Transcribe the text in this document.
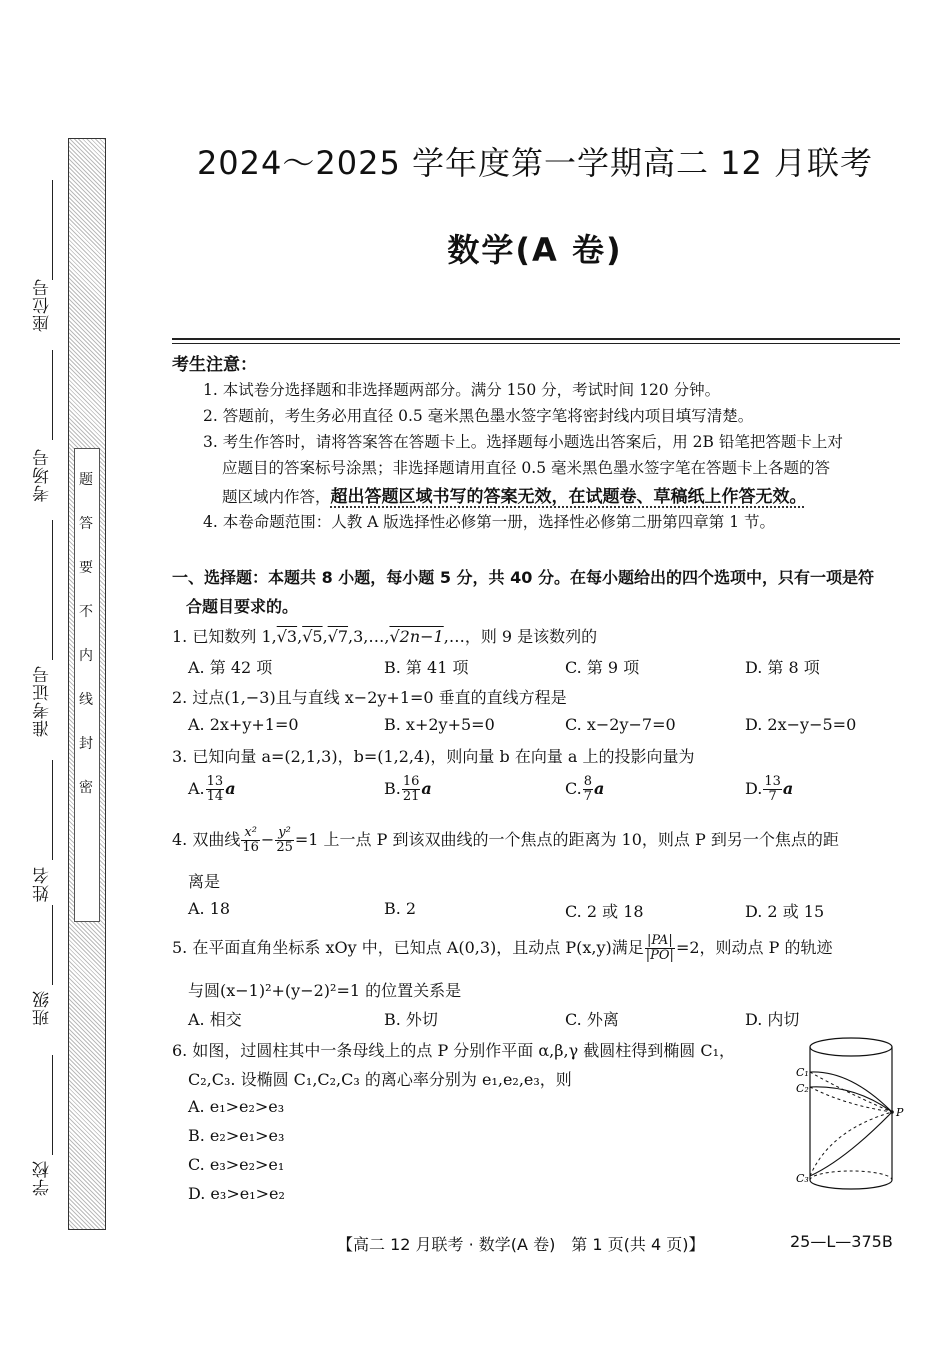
题
答
要
不
内
线
封
密
座位号
考场号
准考证号
姓名
班级
学校
2024～2025 学年度第一学期高二 12 月联考
数学(A 卷)
考生注意：
1. 本试卷分选择题和非选择题两部分。满分 150 分，考试时间 120 分钟。
2. 答题前，考生务必用直径 0.5 毫米黑色墨水签字笔将密封线内项目填写清楚。
3. 考生作答时，请将答案答在答题卡上。选择题每小题选出答案后，用 2B 铅笔把答题卡上对
应题目的答案标号涂黑；非选择题请用直径 0.5 毫米黑色墨水签字笔在答题卡上各题的答
题区域内作答，超出答题区域书写的答案无效，在试题卷、草稿纸上作答无效。
4. 本卷命题范围：人教 A 版选择性必修第一册，选择性必修第二册第四章第 1 节。
一、选择题：本题共 8 小题，每小题 5 分，共 40 分。在每小题给出的四个选项中，只有一项是符
合题目要求的。
1. 已知数列 1,√3,√5,√7,3,…,√2n−1,…，则 9 是该数列的
A. 第 42 项	B. 第 41 项	C. 第 9 项	D. 第 8 项
2. 过点(1,−3)且与直线 x−2y+1=0 垂直的直线方程是
A. 2x+y+1=0	B. x+2y+5=0	C. x−2y−7=0	D. 2x−y−5=0
3. 已知向量 a=(2,1,3)，b=(1,2,4)，则向量 b 在向量 a 上的投影向量为
A. $\frac{13}{14}$ a	B. $\frac{16}{21}$ a	C. $\frac{8}{7}$ a	D. $\frac{13}{7}$ a
4. 双曲线 $\frac{\text{x²}}{16} - \frac{\text{y²}}{25} =1$ 上一点 P 到该双曲线的一个焦点的距离为 10，则点 P 到另一个焦点的距
离是
A. 18	B. 2	C. 2 或 18	D. 2 或 15
5. 在平面直角坐标系 xOy 中，已知点 A(0,3)，且动点 P(x,y)满足 $\frac{|PA|}{|PO|} =2$，则动点 P 的轨迹
与圆(x−1)²+(y−2)²=1 的位置关系是
A. 相交	B. 外切	C. 外离	D. 内切
6. 如图，过圆柱其中一条母线上的点 P 分别作平面 α,β,γ 截圆柱得到椭圆 C₁，
C₂,C₃. 设椭圆 C₁,C₂,C₃ 的离心率分别为 e₁,e₂,e₃，则
A. e₁>e₂>e₃
B. e₂>e₁>e₃
C. e₃>e₂>e₁
D. e₃>e₁>e₂
C₁
C₂
C₃
P
【高二 12 月联考 · 数学(A 卷)　第 1 页(共 4 页)】	25—L—375B
